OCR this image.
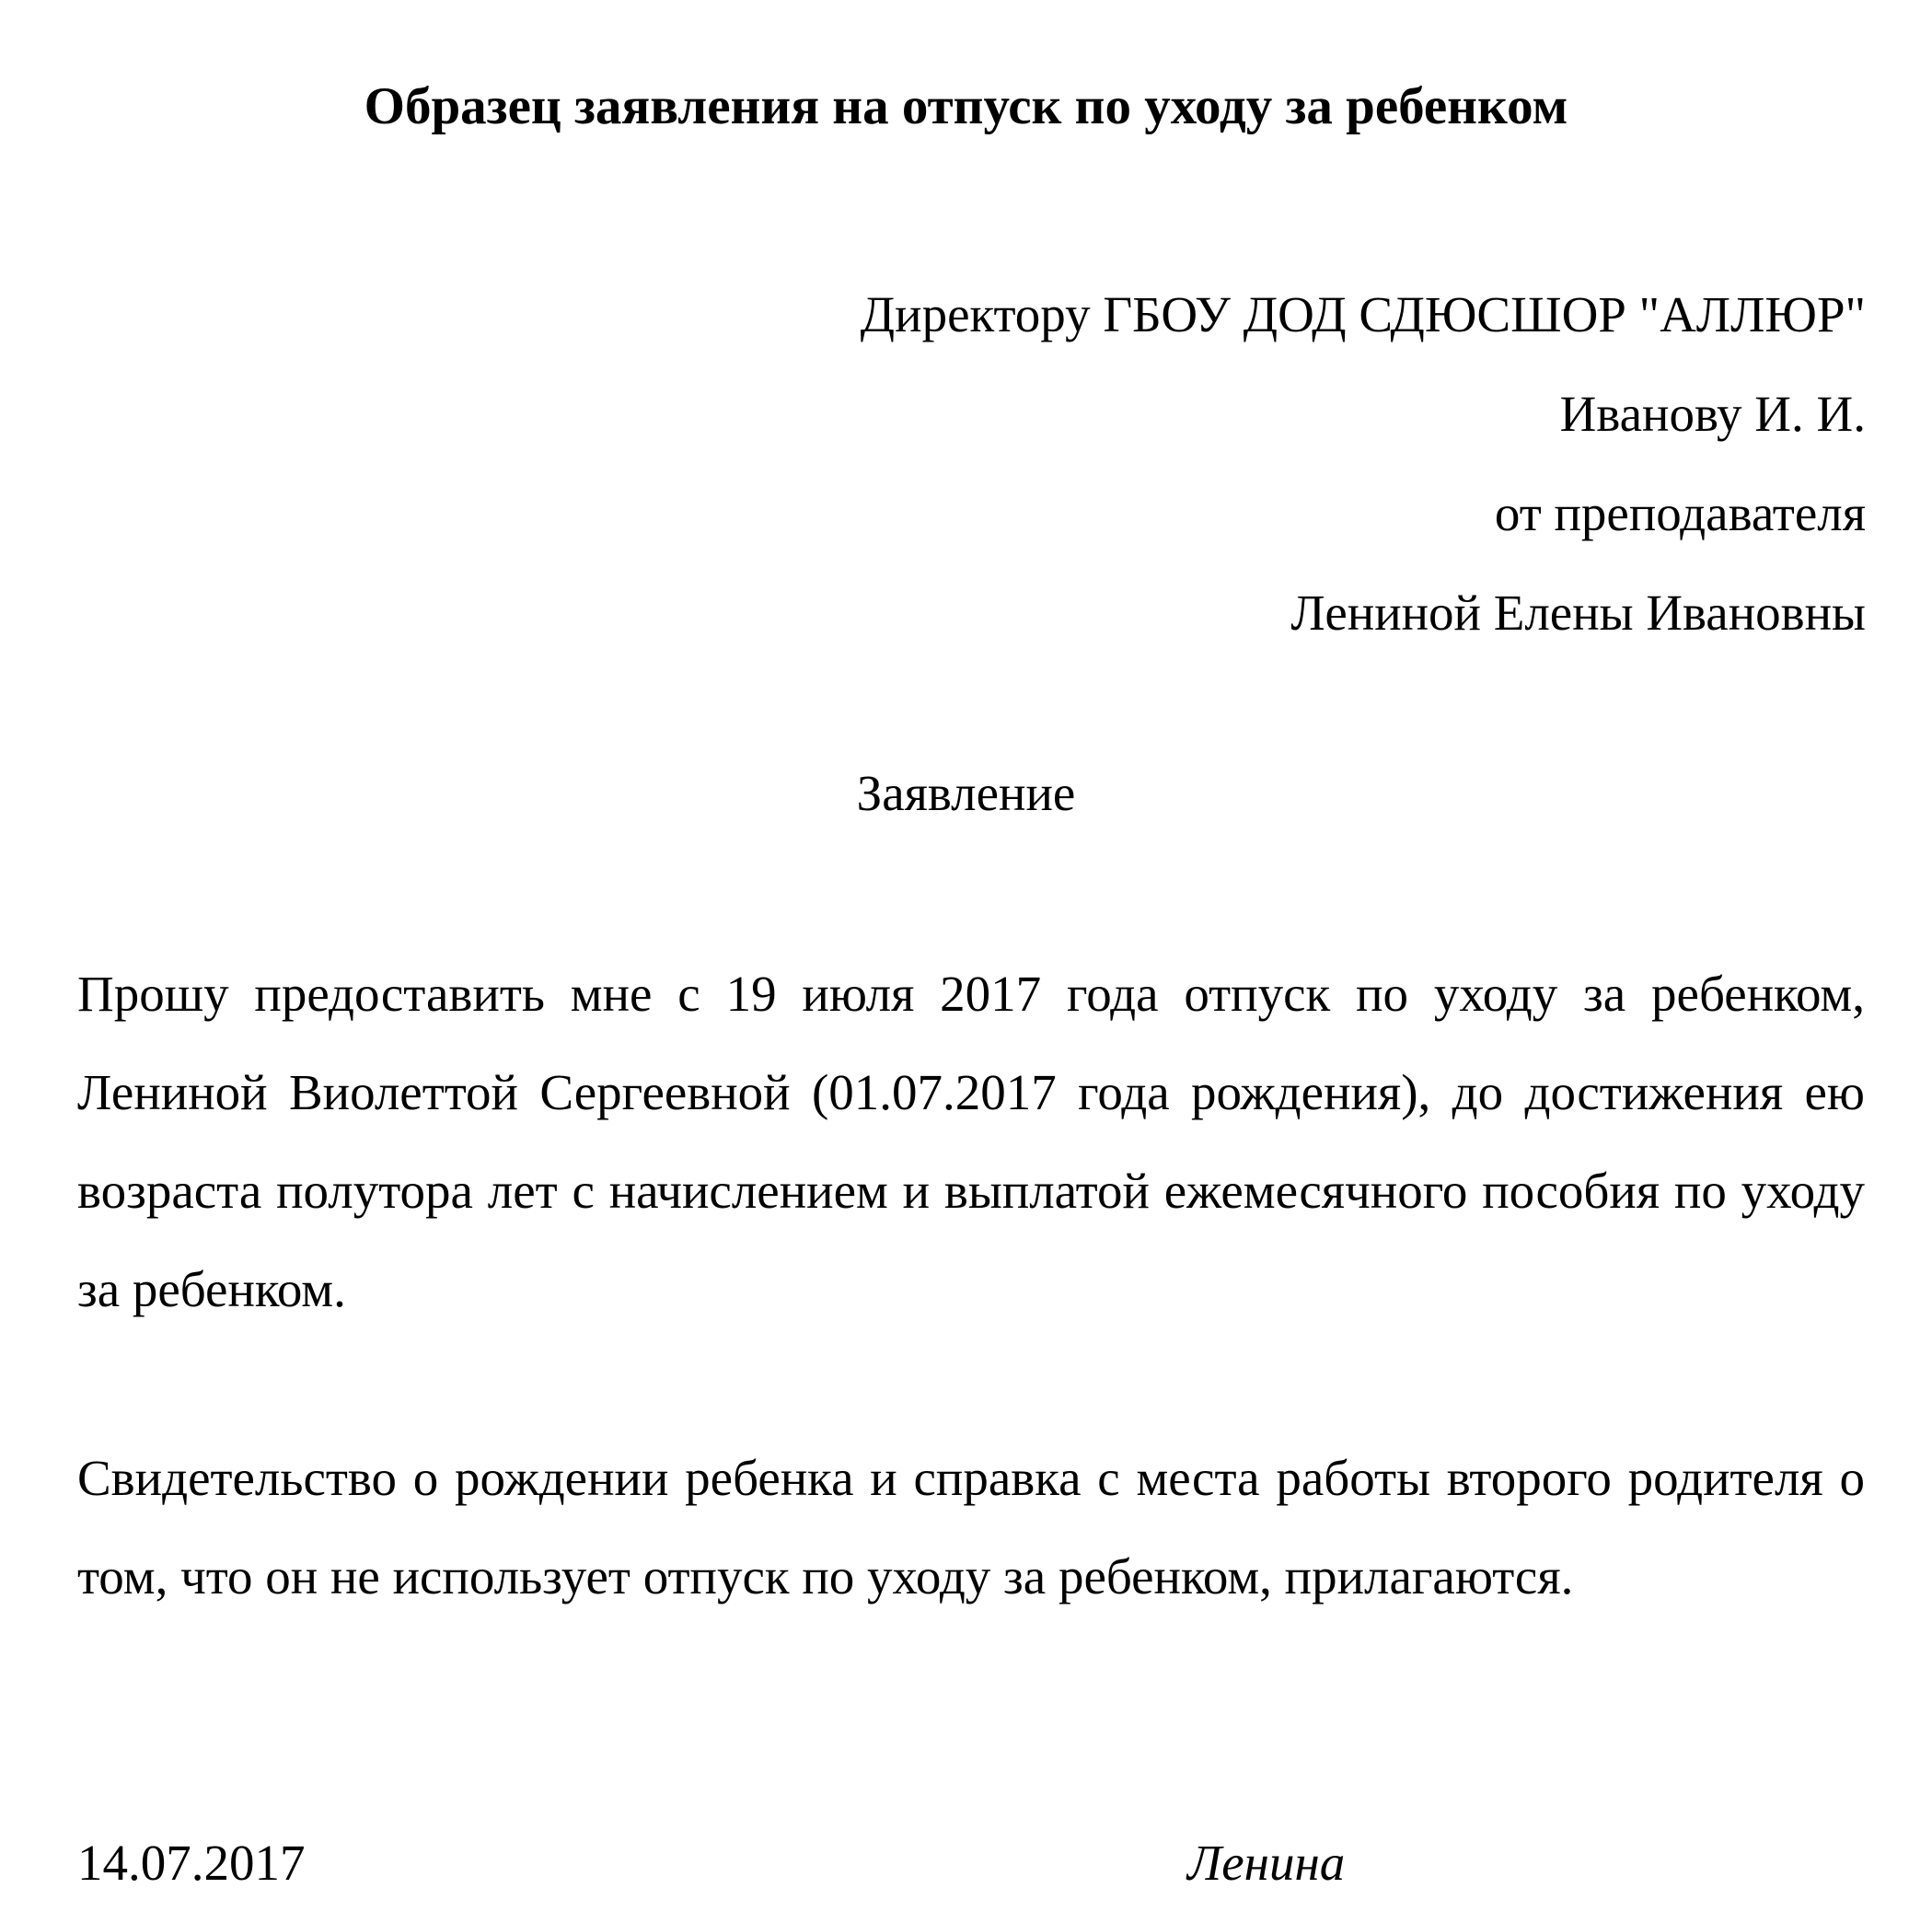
Образец заявления на отпуск по уходу за ребенком
Директору ГБОУ ДОД СДЮСШОР "АЛЛЮР"
Иванову И. И.
от преподавателя
Лениной Елены Ивановны
Заявление
Прошу предоставить мне с 19 июля 2017 года отпуск по уходу за ребенком, Лениной Виолеттой Сергеевной (01.07.2017 года рождения), до достижения ею возраста полутора лет с начислением и выплатой ежемесячного пособия по уходу за ребенком.
Свидетельство о рождении ребенка и справка с места работы второго родителя о том, что он не использует отпуск по уходу за ребенком, прилагаются.
14.07.2017	Ленина
